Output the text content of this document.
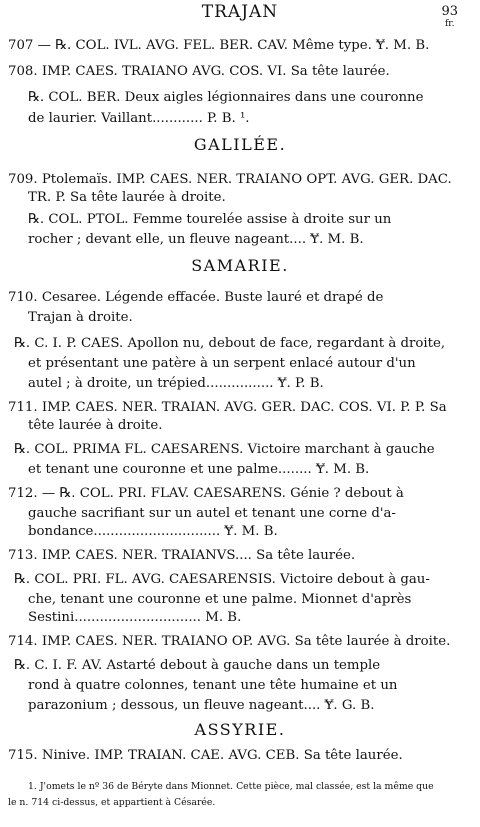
TRAJAN	93
fr.
707 — ℞. COL. IVL. AVG. FEL. BER. CAV. Même type. Ɏ. M. B.
708. IMP. CAES. TRAIANO AVG. COS. VI. Sa tête laurée.
℞. COL. BER. Deux aigles légionnaires dans une couronne
de laurier. Vaillant............ P. B. ¹.
GALILÉE.
709. Ptolemaïs. IMP. CAES. NER. TRAIANO OPT. AVG. GER. DAC.
TR. P. Sa tête laurée à droite.
℞. COL. PTOL. Femme tourelée assise à droite sur un
rocher ; devant elle, un fleuve nageant.... Ɏ. M. B.
SAMARIE.
710. Cesaree. Légende effacée. Buste lauré et drapé de
Trajan à droite.
℞. C. I. P. CAES. Apollon nu, debout de face, regardant à droite,
et présentant une patère à un serpent enlacé autour d'un
autel ; à droite, un trépied................ Ɏ. P. B.
711. IMP. CAES. NER. TRAIAN. AVG. GER. DAC. COS. VI. P. P. Sa
tête laurée à droite.
℞. COL. PRIMA FL. CAESARENS. Victoire marchant à gauche
et tenant une couronne et une palme........ Ɏ. M. B.
712. — ℞. COL. PRI. FLAV. CAESARENS. Génie ? debout à
gauche sacrifiant sur un autel et tenant une corne d'a-
bondance.............................. Ɏ. M. B.
713. IMP. CAES. NER. TRAIANVS.... Sa tête laurée.
℞. COL. PRI. FL. AVG. CAESARENSIS. Victoire debout à gau-
che, tenant une couronne et une palme. Mionnet d'après
Sestini.............................. M. B.
714. IMP. CAES. NER. TRAIANO OP. AVG. Sa tête laurée à droite.
℞. C. I. F. AV. Astarté debout à gauche dans un temple
rond à quatre colonnes, tenant une tête humaine et un
parazonium ; dessous, un fleuve nageant.... Ɏ. G. B.
ASSYRIE.
715. Ninive. IMP. TRAIAN. CAE. AVG. CEB. Sa tête laurée.
1. J'omets le nº 36 de Béryte dans Mionnet. Cette pièce, mal classée, est la même que
le n. 714 ci-dessus, et appartient à Césarée.
